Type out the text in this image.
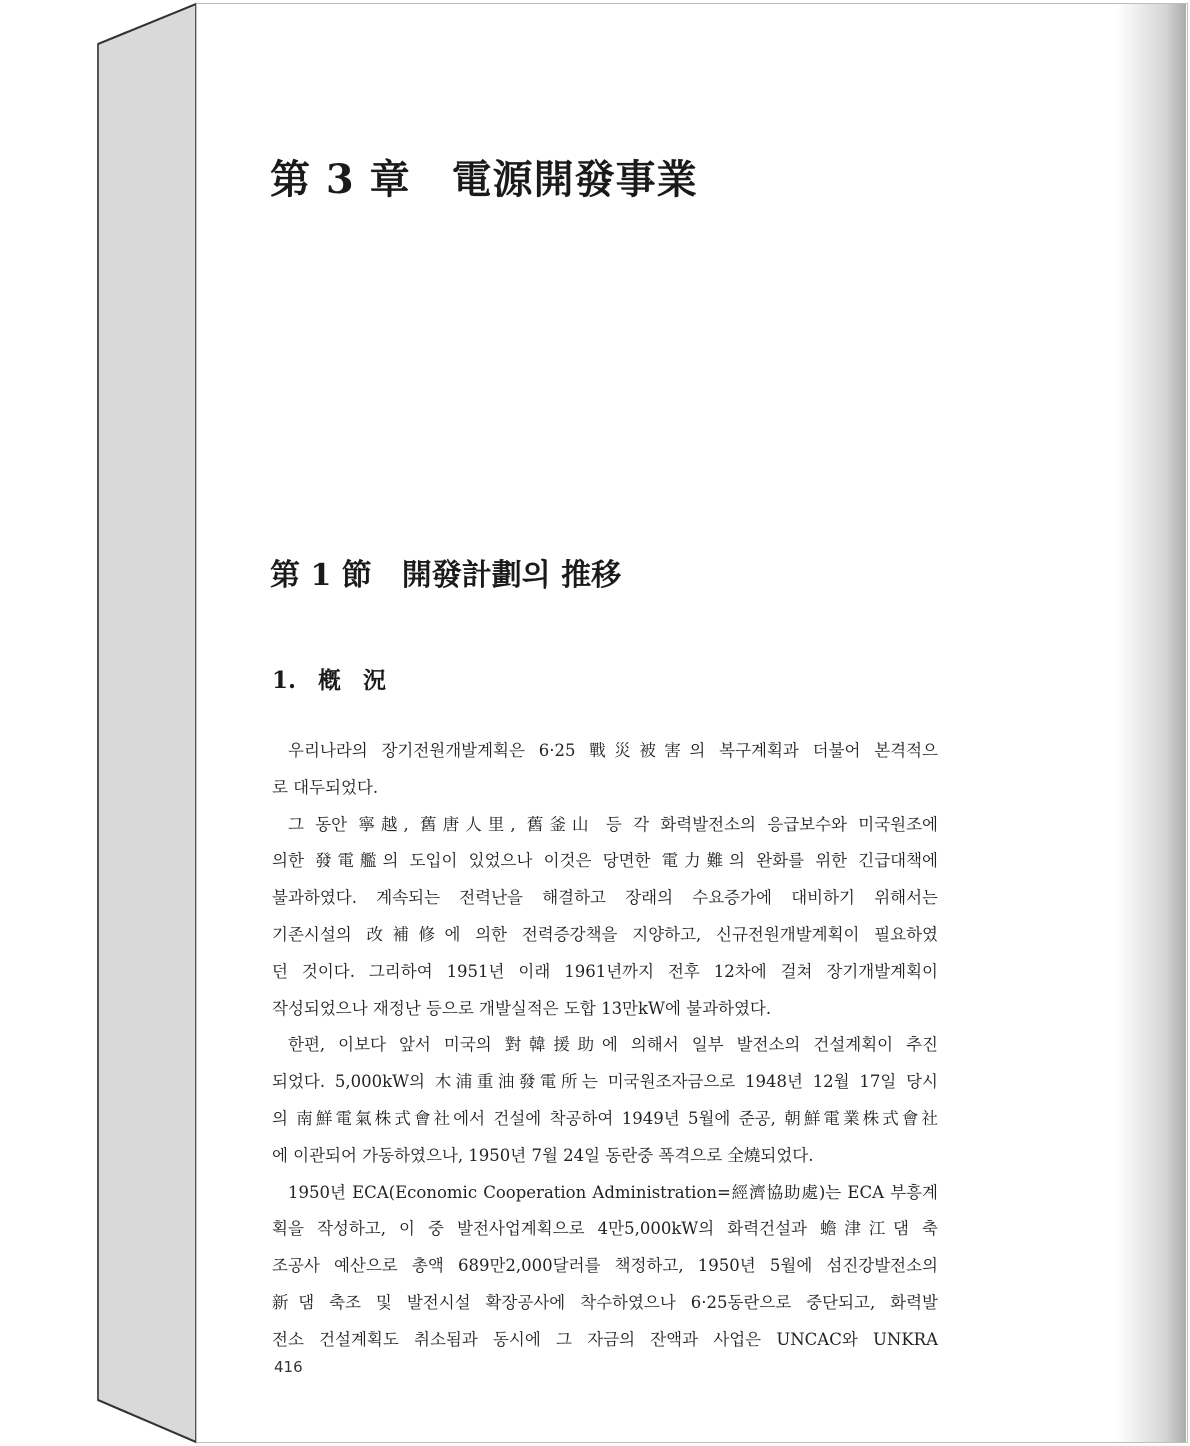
第 3 章　電源開發事業
第 1 節　開發計劃의 推移
1. 槪 況
우리나라의 장기전원개발계획은 6·25 戰災被害의 복구계획과 더불어 본격적으
로 대두되었다.
그 동안 寧越, 舊唐人里, 舊釜山 등 각 화력발전소의 응급보수와 미국원조에
의한 發電艦의 도입이 있었으나 이것은 당면한 電力難의 완화를 위한 긴급대책에
불과하였다. 계속되는 전력난을 해결하고 장래의 수요증가에 대비하기 위해서는
기존시설의 改補修에 의한 전력증강책을 지양하고, 신규전원개발계획이 필요하였
던 것이다. 그리하여 1951년 이래 1961년까지 전후 12차에 걸쳐 장기개발계획이
작성되었으나 재정난 등으로 개발실적은 도합 13만kW에 불과하였다.
한편, 이보다 앞서 미국의 對韓援助에 의해서 일부 발전소의 건설계획이 추진
되었다. 5,000kW의 木浦重油發電所는 미국원조자금으로 1948년 12월 17일 당시
의 南鮮電氣株式會社에서 건설에 착공하여 1949년 5월에 준공, 朝鮮電業株式會社
에 이관되어 가동하였으나, 1950년 7월 24일 동란중 폭격으로 全燒되었다.
1950년 ECA(Economic Cooperation Administration=經濟協助處)는 ECA 부흥계
획을 작성하고, 이 중 발전사업계획으로 4만5,000kW의 화력건설과 蟾津江댐 축
조공사 예산으로 총액 689만2,000달러를 책정하고, 1950년 5월에 섬진강발전소의
新댐 축조 및 발전시설 확장공사에 착수하였으나 6·25동란으로 중단되고, 화력발
전소 건설계획도 취소됨과 동시에 그 자금의 잔액과 사업은 UNCAC와 UNKRA
416
